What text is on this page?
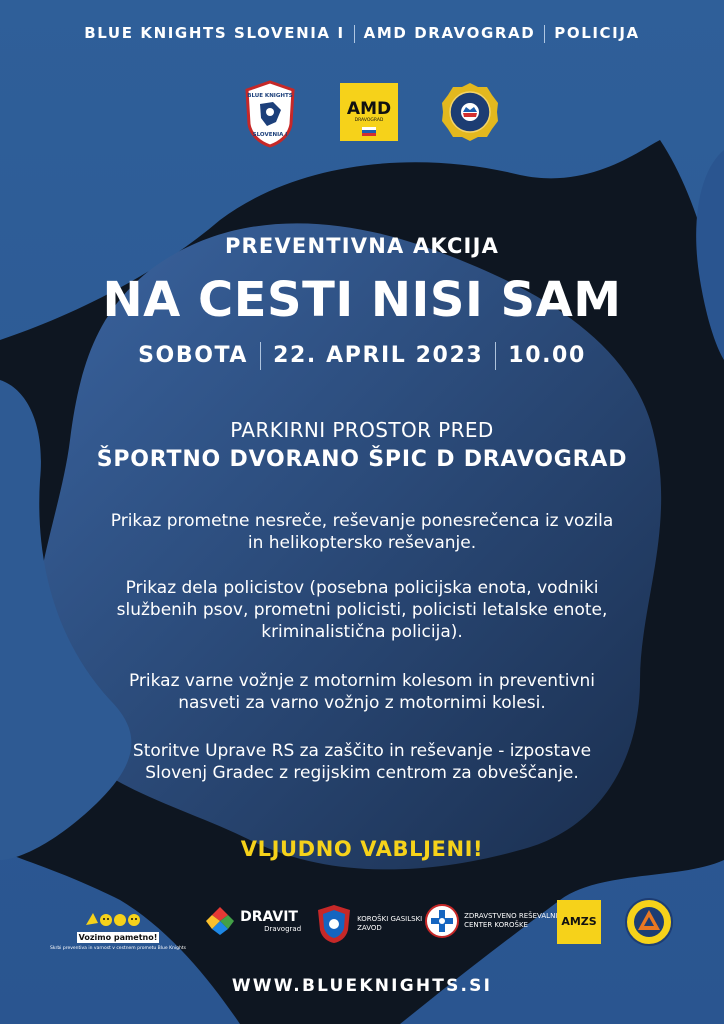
BLUE KNIGHTS SLOVENIA I AMD DRAVOGRAD POLICIJA
BLUE KNIGHTS
SLOVENIA I
AMD
DRAVOGRAD
PREVENTIVNA AKCIJA
NA CESTI NISI SAM
SOBOTA 22. APRIL 2023 10.00
PARKIRNI PROSTOR PRED
ŠPORTNO DVORANO ŠPIC D DRAVOGRAD
Prikaz prometne nesreče, reševanje ponesrečenca iz vozila
in helikoptersko reševanje.
Prikaz dela policistov (posebna policijska enota, vodniki
službenih psov, prometni policisti, policisti letalske enote,
kriminalistična policija).
Prikaz varne vožnje z motornim kolesom in preventivni
nasveti za varno vožnjo z motornimi kolesi.
Storitve Uprave RS za zaščito in reševanje - izpostave
Slovenj Gradec z regijskim centrom za obveščanje.
VLJUDNO VABLJENI!
Vozimo pametno!
Skrbi preventiva in varnost v cestnem prometu Blue Knights

DRAVIT
Dravograd

KOROŠKI GASILSKI
ZAVOD

ZDRAVSTVENO REŠEVALNI
CENTER KOROŠKE	AMZS
WWW.BLUEKNIGHTS.SI
